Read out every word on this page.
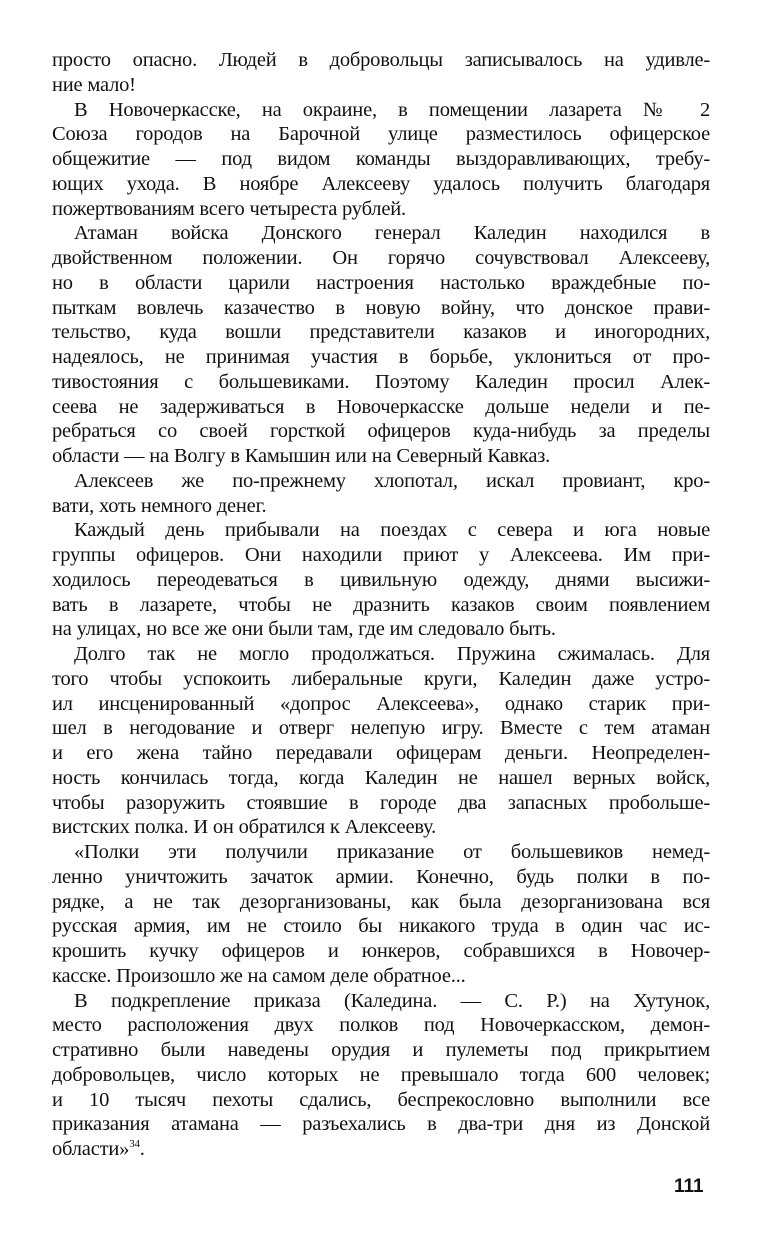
просто опасно. Людей в добровольцы записывалось на удивле-
ние мало!
В Новочеркасске, на окраине, в помещении лазарета № 2
Союза городов на Барочной улице разместилось офицерское
общежитие — под видом команды выздоравливающих, требу-
ющих ухода. В ноябре Алексееву удалось получить благодаря
пожертвованиям всего четыреста рублей.
Атаман войска Донского генерал Каледин находился в
двойственном положении. Он горячо сочувствовал Алексееву,
но в области царили настроения настолько враждебные по-
пыткам вовлечь казачество в новую войну, что донское прави-
тельство, куда вошли представители казаков и иногородних,
надеялось, не принимая участия в борьбе, уклониться от про-
тивостояния с большевиками. Поэтому Каледин просил Алек-
сеева не задерживаться в Новочеркасске дольше недели и пе-
ребраться со своей горсткой офицеров куда-нибудь за пределы
области — на Волгу в Камышин или на Северный Кавказ.
Алексеев же по-прежнему хлопотал, искал провиант, кро-
вати, хоть немного денег.
Каждый день прибывали на поездах с севера и юга новые
группы офицеров. Они находили приют у Алексеева. Им при-
ходилось переодеваться в цивильную одежду, днями высижи-
вать в лазарете, чтобы не дразнить казаков своим появлением
на улицах, но все же они были там, где им следовало быть.
Долго так не могло продолжаться. Пружина сжималась. Для
того чтобы успокоить либеральные круги, Каледин даже устро-
ил инсценированный «допрос Алексеева», однако старик при-
шел в негодование и отверг нелепую игру. Вместе с тем атаман
и его жена тайно передавали офицерам деньги. Неопределен-
ность кончилась тогда, когда Каледин не нашел верных войск,
чтобы разоружить стоявшие в городе два запасных пробольше-
вистских полка. И он обратился к Алексееву.
«Полки эти получили приказание от большевиков немед-
ленно уничтожить зачаток армии. Конечно, будь полки в по-
рядке, а не так дезорганизованы, как была дезорганизована вся
русская армия, им не стоило бы никакого труда в один час ис-
крошить кучку офицеров и юнкеров, собравшихся в Новочер-
касске. Произошло же на самом деле обратное...
В подкрепление приказа (Каледина. — С. Р.) на Хутунок,
место расположения двух полков под Новочеркасском, демон-
стративно были наведены орудия и пулеметы под прикрытием
добровольцев, число которых не превышало тогда 600 человек;
и 10 тысяч пехоты сдались, беспрекословно выполнили все
приказания атамана — разъехались в два-три дня из Донской
области»$^{34}$.
111
